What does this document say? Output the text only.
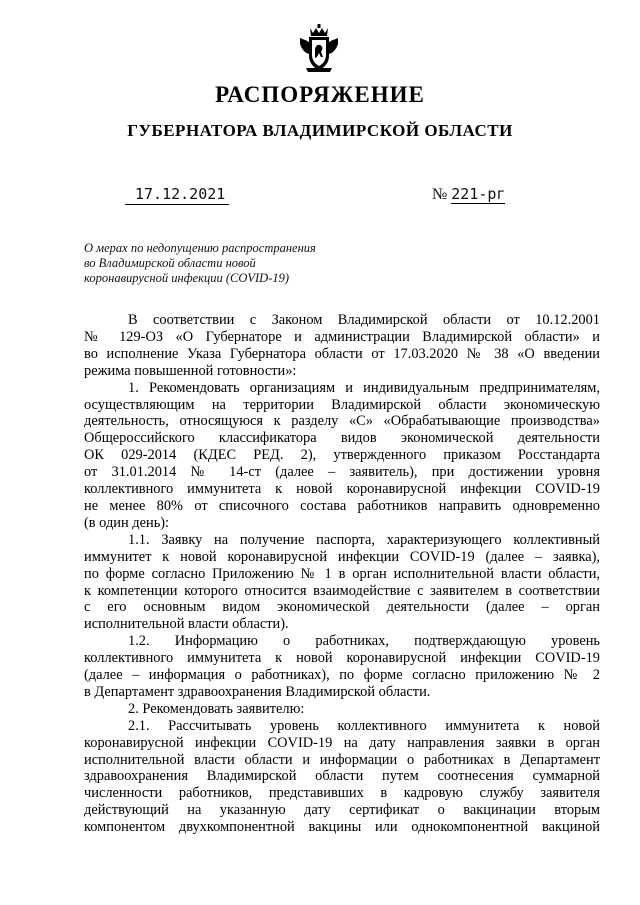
РАСПОРЯЖЕНИЕ
ГУБЕРНАТОРА ВЛАДИМИРСКОЙ ОБЛАСТИ
17.12.2021	№ 221-рг
О мерах по недопущению распространения
во Владимирской области новой
коронавирусной инфекции (COVID-19)
В соответствии с Законом Владимирской области от 10.12.2001
№ 129-ОЗ «О Губернаторе и администрации Владимирской области» и
во исполнение Указа Губернатора области от 17.03.2020 № 38 «О введении
режима повышенной готовности»:
1. Рекомендовать организациям и индивидуальным предпринимателям,
осуществляющим на территории Владимирской области экономическую
деятельность, относящуюся к разделу «С» «Обрабатывающие производства»
Общероссийского классификатора видов экономической деятельности
ОК 029-2014 (КДЕС РЕД. 2), утвержденного приказом Росстандарта
от 31.01.2014 № 14-ст (далее – заявитель), при достижении уровня
коллективного иммунитета к новой коронавирусной инфекции COVID-19
не менее 80% от списочного состава работников направить одновременно
(в один день):
1.1. Заявку на получение паспорта, характеризующего коллективный
иммунитет к новой коронавирусной инфекции COVID-19 (далее – заявка),
по форме согласно Приложению № 1 в орган исполнительной власти области,
к компетенции которого относится взаимодействие с заявителем в соответствии
с его основным видом экономической деятельности (далее – орган
исполнительной власти области).
1.2. Информацию о работниках, подтверждающую уровень
коллективного иммунитета к новой коронавирусной инфекции COVID-19
(далее – информация о работниках), по форме согласно приложению № 2
в Департамент здравоохранения Владимирской области.
2. Рекомендовать заявителю:
2.1. Рассчитывать уровень коллективного иммунитета к новой
коронавирусной инфекции COVID-19 на дату направления заявки в орган
исполнительной власти области и информации о работниках в Департамент
здравоохранения Владимирской области путем соотнесения суммарной
численности работников, представивших в кадровую службу заявителя
действующий на указанную дату сертификат о вакцинации вторым
компонентом двухкомпонентной вакцины или однокомпонентной вакциной
